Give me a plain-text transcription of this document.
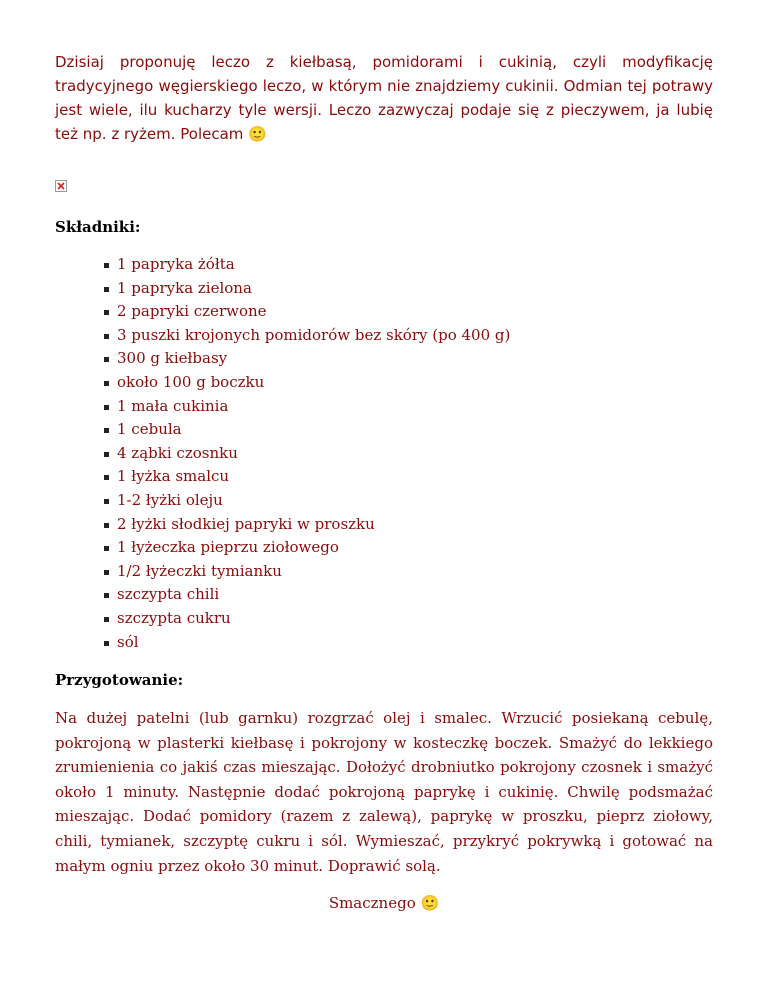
Dzisiaj proponuję leczo z kiełbasą, pomidorami i cukinią, czyli modyfikację tradycyjnego węgierskiego leczo, w którym nie znajdziemy cukinii. Odmian tej potrawy jest wiele, ilu kucharzy tyle wersji. Leczo zazwyczaj podaje się z pieczywem, ja lubię też np. z ryżem. Polecam 🙂

Składniki:
1 papryka żółta
1 papryka zielona
2 papryki czerwone
3 puszki krojonych pomidorów bez skóry (po 400 g)
300 g kiełbasy
około 100 g boczku
1 mała cukinia
1 cebula
4 ząbki czosnku
1 łyżka smalcu
1-2 łyżki oleju
2 łyżki słodkiej papryki w proszku
1 łyżeczka pieprzu ziołowego
1/2 łyżeczki tymianku
szczypta chili
szczypta cukru
sól
Przygotowanie:

Na dużej patelni (lub garnku) rozgrzać olej i smalec. Wrzucić posiekaną cebulę, pokrojoną w plasterki kiełbasę i pokrojony w kosteczkę boczek. Smażyć do lekkiego zrumienienia co jakiś czas mieszając. Dołożyć drobniutko pokrojony czosnek i smażyć około 1 minuty. Następnie dodać pokrojoną paprykę i cukinię. Chwilę podsmażać mieszając. Dodać pomidory (razem z zalewą), paprykę w proszku, pieprz ziołowy, chili, tymianek, szczyptę cukru i sól. Wymieszać, przykryć pokrywką i gotować na małym ogniu przez około 30 minut. Doprawić solą.

Smacznego 🙂
